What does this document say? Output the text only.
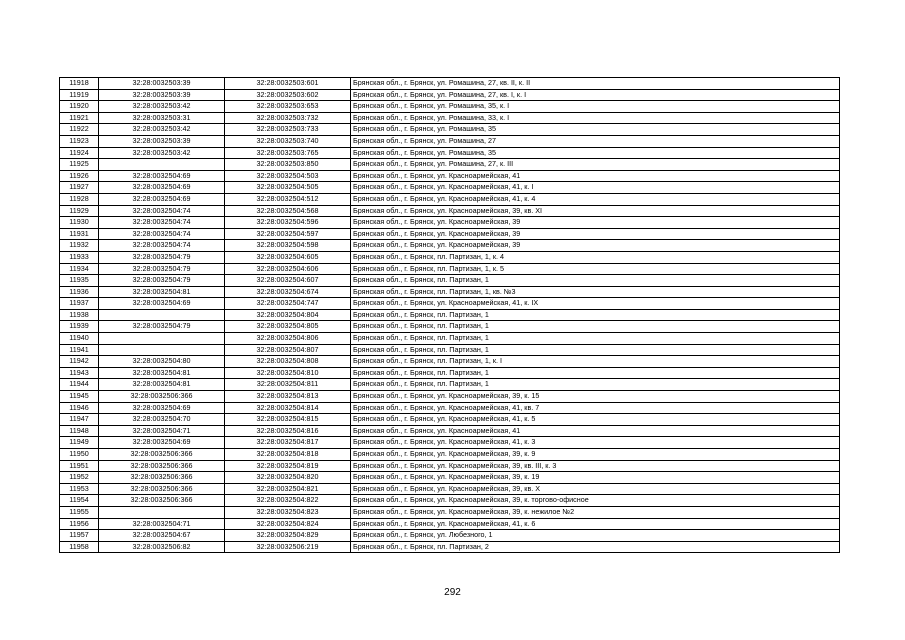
11918	32:28:0032503:39	32:28:0032503:601	Брянская обл., г. Брянск, ул. Ромашина, 27, кв. II, к. II
11919	32:28:0032503:39	32:28:0032503:602	Брянская обл., г. Брянск, ул. Ромашина, 27, кв. I, к. I
11920	32:28:0032503:42	32:28:0032503:653	Брянская обл., г. Брянск, ул. Ромашина, 35, к. I
11921	32:28:0032503:31	32:28:0032503:732	Брянская обл., г. Брянск, ул. Ромашина, 33, к. I
11922	32:28:0032503:42	32:28:0032503:733	Брянская обл., г. Брянск, ул. Ромашина, 35
11923	32:28:0032503:39	32:28:0032503:740	Брянская обл., г. Брянск, ул. Ромашина, 27
11924	32:28:0032503:42	32:28:0032503:765	Брянская обл., г. Брянск, ул. Ромашина, 35
11925		32:28:0032503:850	Брянская обл., г. Брянск, ул. Ромашина, 27, к. III
11926	32:28:0032504:69	32:28:0032504:503	Брянская обл., г. Брянск, ул. Красноармейская, 41
11927	32:28:0032504:69	32:28:0032504:505	Брянская обл., г. Брянск, ул. Красноармейская, 41, к. I
11928	32:28:0032504:69	32:28:0032504:512	Брянская обл., г. Брянск, ул. Красноармейская, 41, к. 4
11929	32:28:0032504:74	32:28:0032504:568	Брянская обл., г. Брянск, ул. Красноармейская, 39, кв. XI
11930	32:28:0032504:74	32:28:0032504:596	Брянская обл., г. Брянск, ул. Красноармейская, 39
11931	32:28:0032504:74	32:28:0032504:597	Брянская обл., г. Брянск, ул. Красноармейская, 39
11932	32:28:0032504:74	32:28:0032504:598	Брянская обл., г. Брянск, ул. Красноармейская, 39
11933	32:28:0032504:79	32:28:0032504:605	Брянская обл., г. Брянск, пл. Партизан, 1, к. 4
11934	32:28:0032504:79	32:28:0032504:606	Брянская обл., г. Брянск, пл. Партизан, 1, к. 5
11935	32:28:0032504:79	32:28:0032504:607	Брянская обл., г. Брянск, пл. Партизан, 1
11936	32:28:0032504:81	32:28:0032504:674	Брянская обл., г. Брянск, пл. Партизан, 1, кв. №3
11937	32:28:0032504:69	32:28:0032504:747	Брянская обл., г. Брянск, ул. Красноармейская, 41, к. IX
11938		32:28:0032504:804	Брянская обл., г. Брянск, пл. Партизан, 1
11939	32:28:0032504:79	32:28:0032504:805	Брянская обл., г. Брянск, пл. Партизан, 1
11940		32:28:0032504:806	Брянская обл., г. Брянск, пл. Партизан, 1
11941		32:28:0032504:807	Брянская обл., г. Брянск, пл. Партизан, 1
11942	32:28:0032504:80	32:28:0032504:808	Брянская обл., г. Брянск, пл. Партизан, 1, к. I
11943	32:28:0032504:81	32:28:0032504:810	Брянская обл., г. Брянск, пл. Партизан, 1
11944	32:28:0032504:81	32:28:0032504:811	Брянская обл., г. Брянск, пл. Партизан, 1
11945	32:28:0032506:366	32:28:0032504:813	Брянская обл., г. Брянск, ул. Красноармейская, 39, к. 15
11946	32:28:0032504:69	32:28:0032504:814	Брянская обл., г. Брянск, ул. Красноармейская, 41, кв. 7
11947	32:28:0032504:70	32:28:0032504:815	Брянская обл., г. Брянск, ул. Красноармейская, 41, к. 5
11948	32:28:0032504:71	32:28:0032504:816	Брянская обл., г. Брянск, ул. Красноармейская, 41
11949	32:28:0032504:69	32:28:0032504:817	Брянская обл., г. Брянск, ул. Красноармейская, 41, к. 3
11950	32:28:0032506:366	32:28:0032504:818	Брянская обл., г. Брянск, ул. Красноармейская, 39, к. 9
11951	32:28:0032506:366	32:28:0032504:819	Брянская обл., г. Брянск, ул. Красноармейская, 39, кв. III, к. 3
11952	32:28:0032506:366	32:28:0032504:820	Брянская обл., г. Брянск, ул. Красноармейская, 39, к. 19
11953	32:28:0032506:366	32:28:0032504:821	Брянская обл., г. Брянск, ул. Красноармейская, 39, кв. X
11954	32:28:0032506:366	32:28:0032504:822	Брянская обл., г. Брянск, ул. Красноармейская, 39, к. торгово-офисное
11955		32:28:0032504:823	Брянская обл., г. Брянск, ул. Красноармейская, 39, к. нежилое №2
11956	32:28:0032504:71	32:28:0032504:824	Брянская обл., г. Брянск, ул. Красноармейская, 41, к. 6
11957	32:28:0032504:67	32:28:0032504:829	Брянская обл., г. Брянск, ул. Любезного, 1
11958	32:28:0032506:82	32:28:0032506:219	Брянская обл., г. Брянск, пл. Партизан, 2
292
